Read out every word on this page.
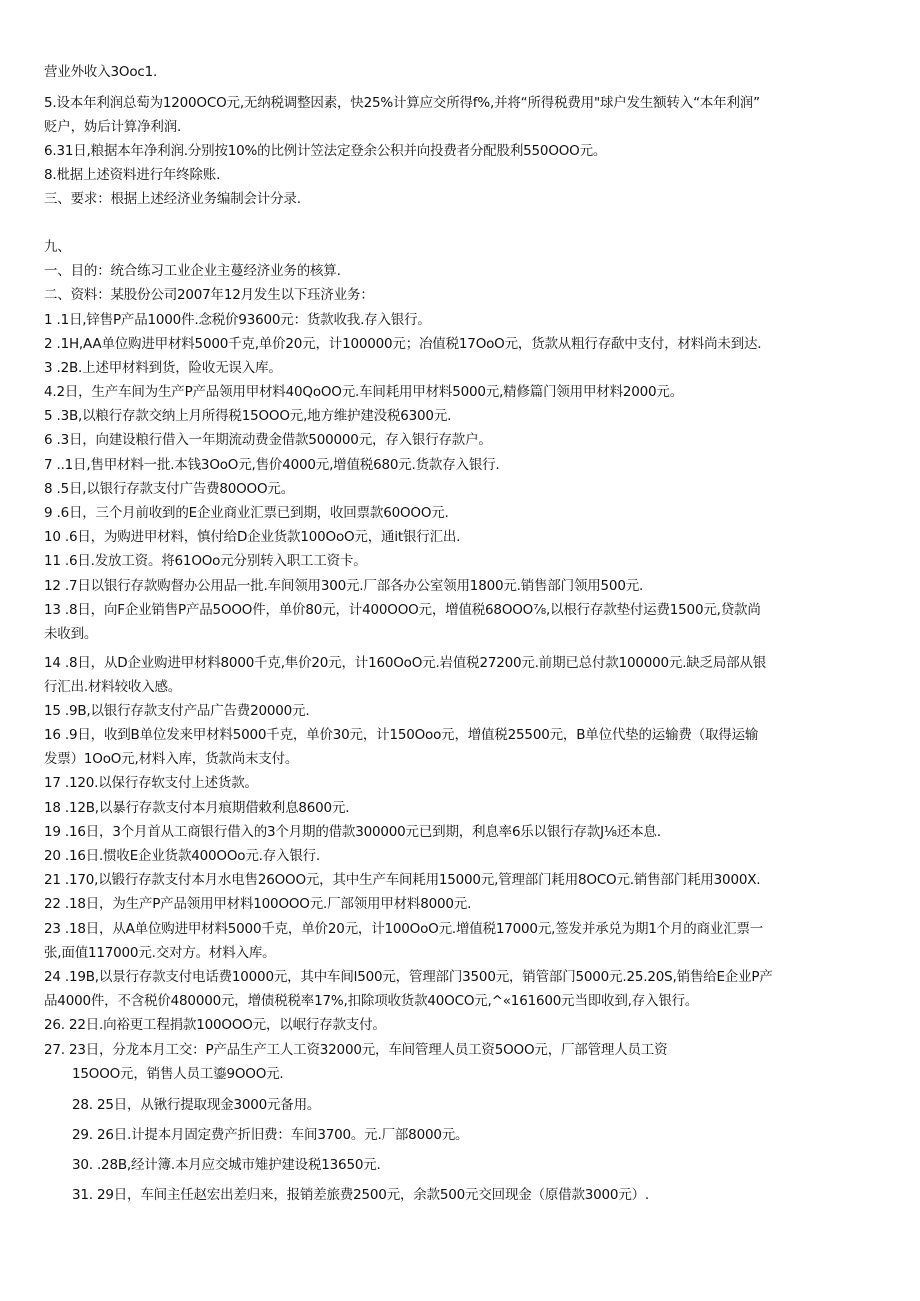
营业外收入3Ooc1.
5.设本年利润总萄为1200OCO元,无纳税调整因素，快25%计算应交所得f%,并将“所得税费用"球户发生额转入“本年利润”
贬户，妫后计算净利润.
6.31日,粮据本年净利润.分别按10%的比例计笠法定登余公积并向投费者分配股利550OOO元。
8.枇据上述资料进行年终除账.
三、要求：根据上述经济业务编制会计分录.
九、
一、目的：统合练习工业企业主蔓经济业务的核算.
二、资料：某股份公司2007年12月发生以下珏济业务：
1 .1日,锌售P产品1000件.念税价93600元：货款收我.存入银行。
2 .1H,AA单位购进甲材料5000千克,单价20元，计100000元；冶值税17OoO元，货款从粗行存歃中支付，材料尚未到达.
3 .2B.上述甲材料到货，险收无误入库。
4.2日，生产车间为生产P产品领用甲材料40QoOO元.车间耗用甲材料5000元,精修篇门领用甲材料2000元。
5 .3B,以粮行存款交纳上月所得税15OOO元,地方维护建没税6300元.
6 .3日，向建设粮行借入一年期流动费金借款500000元，存入银行存款户。
7 ..1日,售甲材料一批.本钱3OoO元,售价4000元,增值税680元.货款存入银行.
8 .5日,以银行存款支付广告费80OOO元。
9 .6日，三个月前收到的E企业商业汇票已到期，收回票款60OOO元.
10 .6日，为购进甲材料，慎付给D企业货款100OoO元，通it银行汇出.
11 .6日.发放工资。将61OOo元分别转入职工工资卡。
12 .7日以银行存款购督办公用品一批.车间领用300元.厂部各办公室领用1800元.销售部门领用500元.
13 .8日，向F企业销售P产品5OOO件，单价80元，计400OOO元，增值税68OOO⅞,以根行存款垫付运费1500元,贷款尚
未收到。
14 .8日，从D企业购进甲材料8000千克,隼价20元，计160OoO元.岩值税27200元.前期已总付款100000元.缺乏局部从银
行汇出.材料较收入感。
15 .9B,以银行存款支付产品广告费20000元.
16 .9日，收到B单位发来甲材料5000千克，单价30元，计150Ooo元，增值税25500元，B单位代垫的运输费（取得运输
发票）1OoO元,材料入库，货款尚末支付。
17 .120.以保行存软支付上述货款。
18 .12B,以暴行存款支付本月痕期借敕利息8600元.
19 .16日，3个月首从工商银行借入的3个月期的借款300000元已到期，利息率6乐以银行存款J⅛还本息.
20 .16日.惯收E企业货款400OOo元.存入银行.
21 .170,以锻行存款支付本月水电售26OOO元，其中生产车间耗用15000元,管理部门耗用8OCO元.销售部门耗用3000X.
22 .18日，为生产P产品领用甲材料100OOO元.厂部领用甲材料8000元.
23 .18日，从A单位购进甲材料5000千克，单价20元，计100OoO元.增值税17000元,签发并承兑为期1个月的商业汇票一
张,面值117000元.交对方。材料入库。
24 .19B,以景行存款支付电话费10000元，其中车间l500元，管理部门3500元，销管部门5000元.25.20S,销售给E企业P产
品4000件，不含税价480000元，增债税税率17%,扣除项收货款40OCO元,^«161600元当即收到,存入银行。
26. 22日.向裕更工程捐款100OOO元，以岷行存款支付。
27. 23日，分龙本月工交：P产品生产工人工资32000元，车间管理人员工资5OOO元，厂部管理人员工资
15OOO元，销售人员工鎏9OOO元.
28. 25日，从锹行提取现金3000元备用。
29. 26日.计提本月固定费产折旧费：车间3700。元.厂部8000元。
30. .28B,经计簿.本月应交城市雉护建设税13650元.
31. 29日，车间主任赵宏出差归来，报销差旅费2500元，余款500元交回现金（原借款3000元）.
